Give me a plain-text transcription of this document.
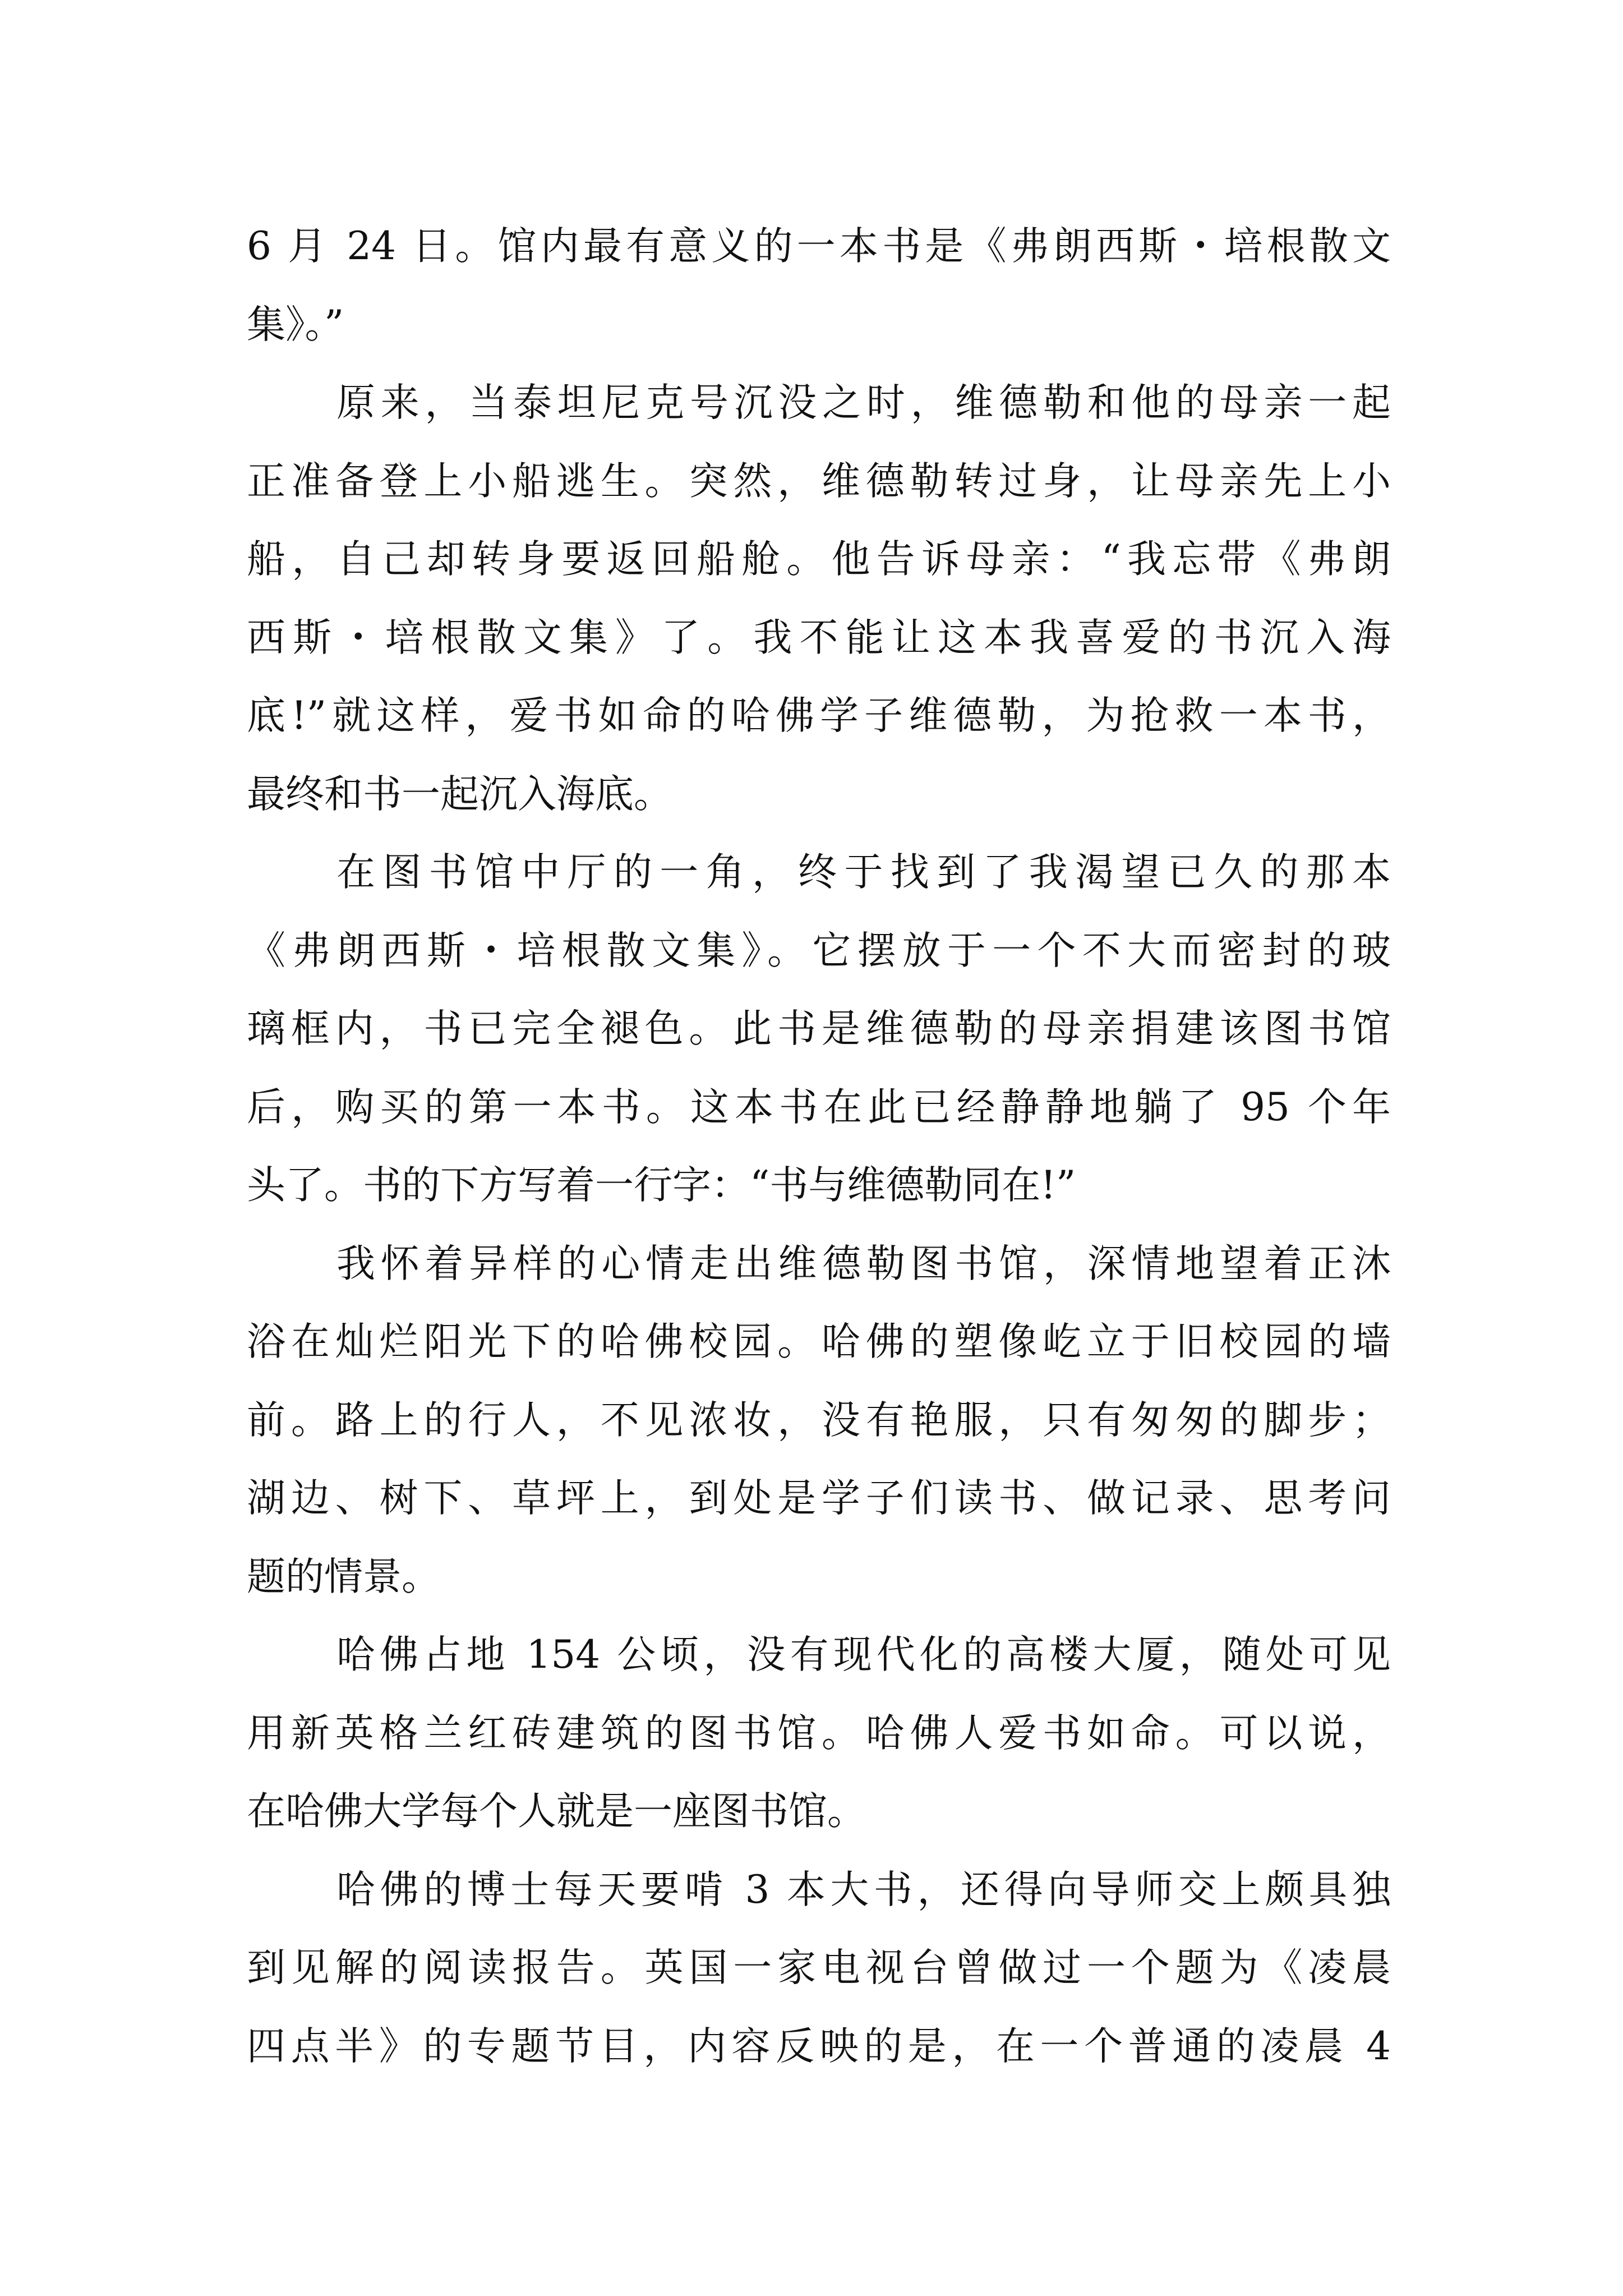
6 月 24 日。馆内最有意义的一本书是《弗朗西斯・培根散文
集》。”
原来，当泰坦尼克号沉没之时，维德勒和他的母亲一起
正准备登上小船逃生。突然，维德勒转过身，让母亲先上小
船，自己却转身要返回船舱。他告诉母亲：“我忘带《弗朗
西斯・培根散文集》了。我不能让这本我喜爱的书沉入海
底!”就这样，爱书如命的哈佛学子维德勒，为抢救一本书，
最终和书一起沉入海底。
在图书馆中厅的一角，终于找到了我渴望已久的那本
《弗朗西斯・培根散文集》。它摆放于一个不大而密封的玻
璃框内，书已完全褪色。此书是维德勒的母亲捐建该图书馆
后，购买的第一本书。这本书在此已经静静地躺了 95 个年
头了。书的下方写着一行字：“书与维德勒同在!”
我怀着异样的心情走出维德勒图书馆，深情地望着正沐
浴在灿烂阳光下的哈佛校园。哈佛的塑像屹立于旧校园的墙
前。路上的行人，不见浓妆，没有艳服，只有匆匆的脚步；
湖边、树下、草坪上，到处是学子们读书、做记录、思考问
题的情景。
哈佛占地 154 公顷，没有现代化的高楼大厦，随处可见
用新英格兰红砖建筑的图书馆。哈佛人爱书如命。可以说，
在哈佛大学每个人就是一座图书馆。
哈佛的博士每天要啃 3 本大书，还得向导师交上颇具独
到见解的阅读报告。英国一家电视台曾做过一个题为《凌晨
四点半》的专题节目，内容反映的是，在一个普通的凌晨 4
